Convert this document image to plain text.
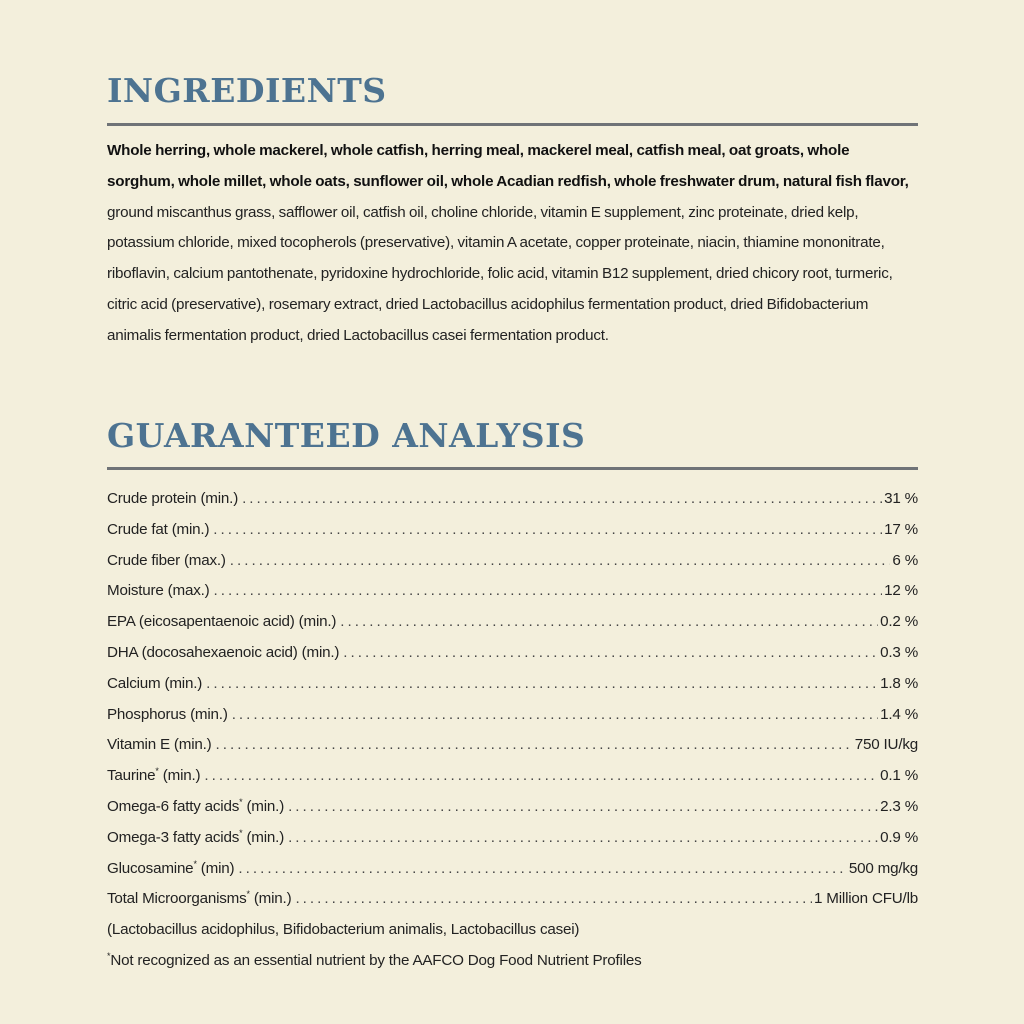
INGREDIENTS

Whole herring, whole mackerel, whole catfish, herring meal, mackerel meal, catfish meal, oat groats, whole sorghum, whole millet, whole oats, sunflower oil, whole Acadian redfish, whole freshwater drum, natural fish flavor, ground miscanthus grass, safflower oil, catfish oil, choline chloride, vitamin E supplement, zinc proteinate, dried kelp, potassium chloride, mixed tocopherols (preservative), vitamin A acetate, copper proteinate, niacin, thiamine mononitrate, riboflavin, calcium pantothenate, pyridoxine hydrochloride, folic acid, vitamin B12 supplement, dried chicory root, turmeric, citric acid (preservative), rosemary extract, dried Lactobacillus acidophilus fermentation product, dried Bifidobacterium animalis fermentation product, dried Lactobacillus casei fermentation product.

GUARANTEED ANALYSIS
Crude protein (min.) . . .	31 %
Crude fat (min.) . . .	17 %
Crude fiber (max.) . . .	6 %
Moisture (max.) . . .	12 %
EPA (eicosapentaenoic acid) (min.) . . .	0.2 %
DHA (docosahexaenoic acid) (min.) . . .	0.3 %
Calcium (min.) . . .	1.8 %
Phosphorus (min.) . . .	1.4 %
Vitamin E (min.) . . .	750 IU/kg
Taurine* (min.) . . .	0.1 %
Omega-6 fatty acids* (min.) . . .	2.3 %
Omega-3 fatty acids* (min.) . . .	0.9 %
Glucosamine* (min) . . .	500 mg/kg
Total Microorganisms* (min.) . . .	1 Million CFU/lb
(Lactobacillus acidophilus, Bifidobacterium animalis, Lactobacillus casei)
*Not recognized as an essential nutrient by the AAFCO Dog Food Nutrient Profiles
